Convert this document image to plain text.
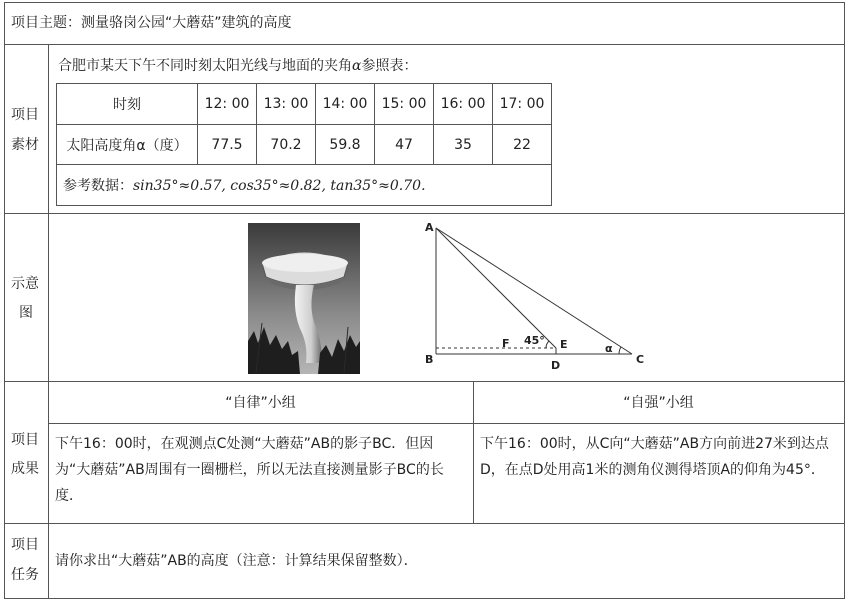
项目主题：测量骆岗公园“大蘑菇”建筑的高度
项目
素材
合肥市某天下午不同时刻太阳光线与地面的夹角α参照表：
时刻	12: 00	13: 00	14: 00	15: 00	16: 00	17: 00
太阳高度角α（度）	77.5	70.2	59.8	47	35	22
参考数据：sin35°≈0.57, cos35°≈0.82, tan35°≈0.70.						
示意
图
A
B	C
D
E
F 45°
α
项目
成果
“自律”小组	“自强”小组
下午16：00时，在观测点C处测“大蘑菇”AB的影子BC．但因为“大蘑菇”AB周围有一圈栅栏，所以无法直接测量影子BC的长度．
下午16：00时，从C向“大蘑菇”AB方向前进27米到达点D，在点D处用高1米的测角仪测得塔顶A的仰角为45°．
项目
任务
请你求出“大蘑菇”AB的高度（注意：计算结果保留整数）．
